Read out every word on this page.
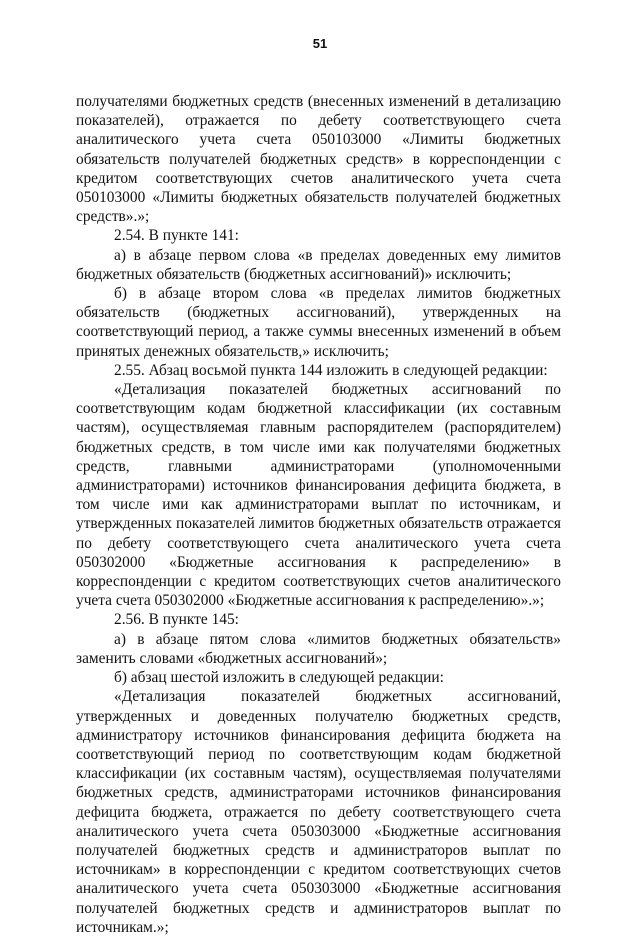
51

получателями бюджетных средств (внесенных изменений в детализацию показателей), отражается по дебету соответствующего счета аналитического учета счета 050103000 «Лимиты бюджетных обязательств получателей бюджетных средств» в корреспонденции с кредитом соответствующих счетов аналитического учета счета 050103000 «Лимиты бюджетных обязательств получателей бюджетных средств».»;

2.54. В пункте 141:

а) в абзаце первом слова «в пределах доведенных ему лимитов бюджетных обязательств (бюджетных ассигнований)» исключить;

б) в абзаце втором слова «в пределах лимитов бюджетных обязательств (бюджетных ассигнований), утвержденных на соответствующий период, а также суммы внесенных изменений в объем принятых денежных обязательств,» исключить;

2.55. Абзац восьмой пункта 144 изложить в следующей редакции:

«Детализация показателей бюджетных ассигнований по соответствующим кодам бюджетной классификации (их составным частям), осуществляемая главным распорядителем (распорядителем) бюджетных средств, в том числе ими как получателями бюджетных средств, главными администраторами (уполномоченными администраторами) источников финансирования дефицита бюджета, в том числе ими как администраторами выплат по источникам, и утвержденных показателей лимитов бюджетных обязательств отражается по дебету соответствующего счета аналитического учета счета 050302000 «Бюджетные ассигнования к распределению» в корреспонденции с кредитом соответствующих счетов аналитического учета счета 050302000 «Бюджетные ассигнования к распределению».»;

2.56. В пункте 145:

а) в абзаце пятом слова «лимитов бюджетных обязательств» заменить словами «бюджетных ассигнований»;

б) абзац шестой изложить в следующей редакции:

«Детализация показателей бюджетных ассигнований, утвержденных и доведенных получателю бюджетных средств, администратору источников финансирования дефицита бюджета на соответствующий период по соответствующим кодам бюджетной классификации (их составным частям), осуществляемая получателями бюджетных средств, администраторами источников финансирования дефицита бюджета, отражается по дебету соответствующего счета аналитического учета счета 050303000 «Бюджетные ассигнования получателей бюджетных средств и администраторов выплат по источникам» в корреспонденции с кредитом соответствующих счетов аналитического учета счета 050303000 «Бюджетные ассигнования получателей бюджетных средств и администраторов выплат по источникам.»;
